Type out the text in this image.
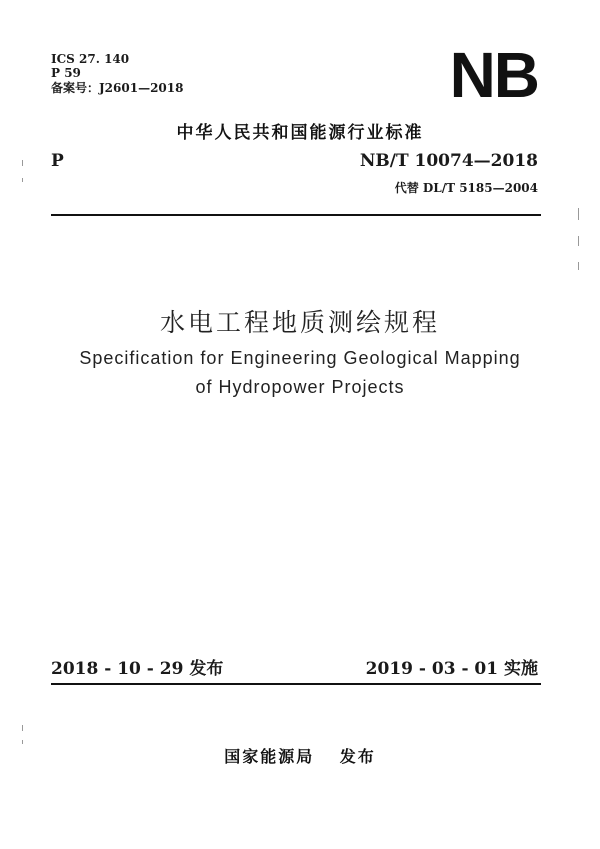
ICS 27. 140
P 59
备案号：J2601—2018	NB
中华人民共和国能源行业标准
P	NB/T 10074—2018
代替 DL/T 5185—2004
水电工程地质测绘规程
Specification for Engineering Geological Mapping
of Hydropower Projects
2018 - 10 - 29 发布	2019 - 03 - 01 实施
国家能源局　 发布
